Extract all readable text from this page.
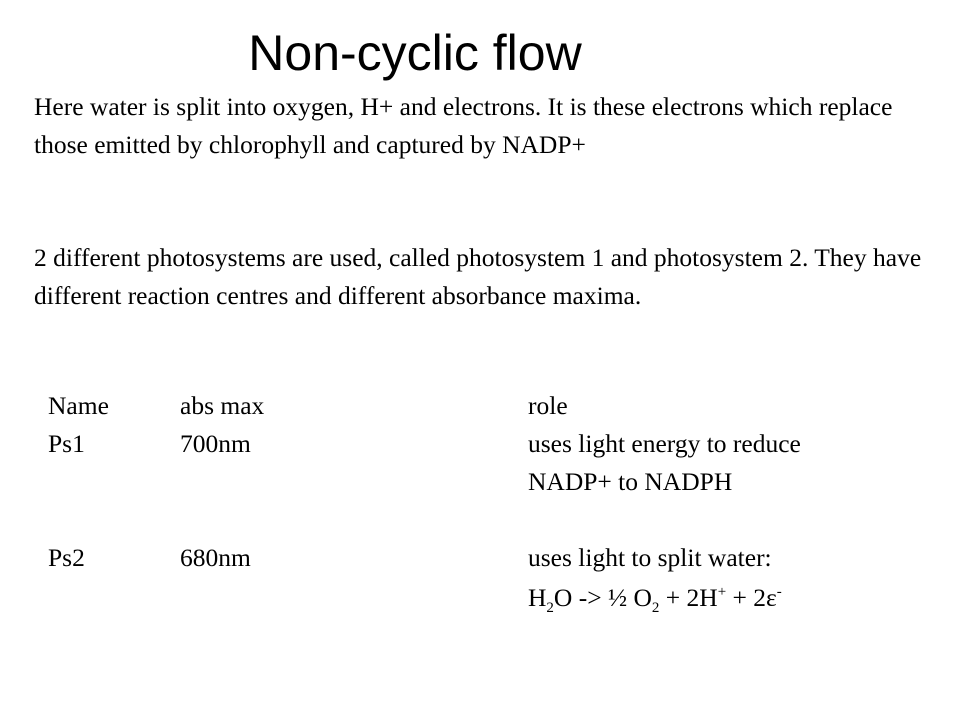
Non-cyclic flow

Here water is split into oxygen, H+ and electrons. It is these electrons which replace those emitted by chlorophyll and captured by NADP+

2 different photosystems are used, called photosystem 1 and photosystem 2. They have different reaction centres and different absorbance maxima.

Name	abs max	role
Ps1	700nm	uses light energy to reduce
NADP+ to NADPH
Ps2	680nm	uses light to split water:
$H_2O$ -> ½ $O_2 + 2H^+ + 2\varepsilon^-$
